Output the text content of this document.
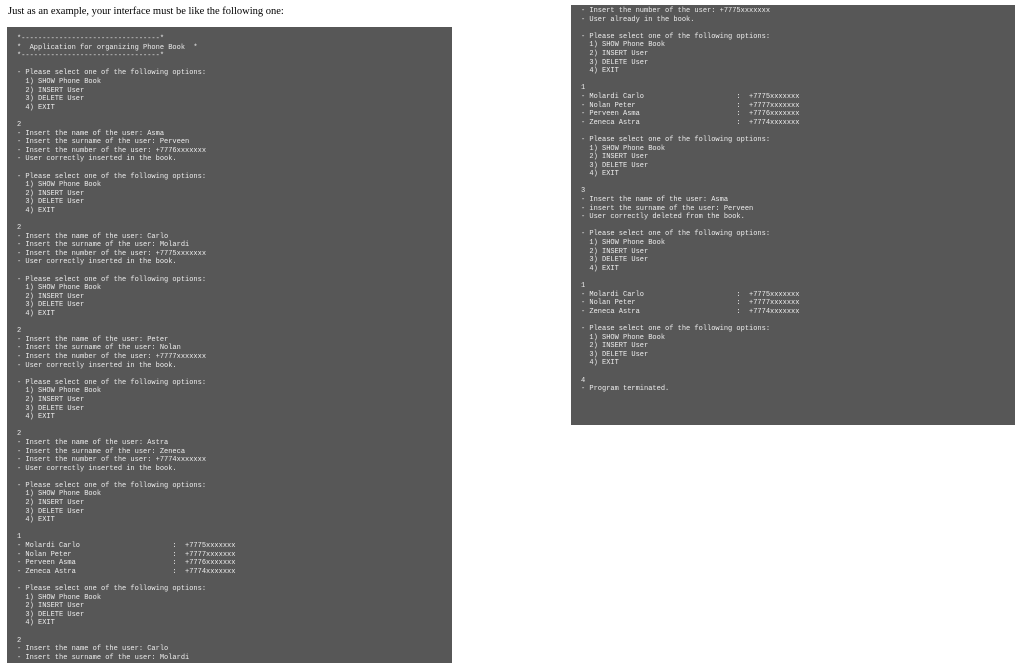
Just as an example, your interface must be like the following one:
*---------------------------------*
*  Application for organizing Phone Book  *
*---------------------------------*
- Please select one of the following options:
1) SHOW Phone Book
2) INSERT User
3) DELETE User
4) EXIT
2
- Insert the name of the user: Asma
- Insert the surname of the user: Perveen
- Insert the number of the user: +7776xxxxxxx
- User correctly inserted in the book.
- Please select one of the following options:
1) SHOW Phone Book
2) INSERT User
3) DELETE User
4) EXIT
2
- Insert the name of the user: Carlo
- Insert the surname of the user: Molardi
- Insert the number of the user: +7775xxxxxxx
- User correctly inserted in the book.
- Please select one of the following options:
1) SHOW Phone Book
2) INSERT User
3) DELETE User
4) EXIT
2
- Insert the name of the user: Peter
- Insert the surname of the user: Nolan
- Insert the number of the user: +7777xxxxxxx
- User correctly inserted in the book.
- Please select one of the following options:
1) SHOW Phone Book
2) INSERT User
3) DELETE User
4) EXIT
2
- Insert the name of the user: Astra
- Insert the surname of the user: Zeneca
- Insert the number of the user: +7774xxxxxxx
- User correctly inserted in the book.
- Please select one of the following options:
1) SHOW Phone Book
2) INSERT User
3) DELETE User
4) EXIT
1
- Molardi Carlo                      :  +7775xxxxxxx
- Nolan Peter                        :  +7777xxxxxxx
- Perveen Asma                       :  +7776xxxxxxx
- Zeneca Astra                       :  +7774xxxxxxx
- Please select one of the following options:
1) SHOW Phone Book
2) INSERT User
3) DELETE User
4) EXIT
2
- Insert the name of the user: Carlo
- Insert the surname of the user: Molardi
- Insert the number of the user: +7775xxxxxxx
- User already in the book.
- Please select one of the following options:
1) SHOW Phone Book
2) INSERT User
3) DELETE User
4) EXIT
1
- Molardi Carlo                      :  +7775xxxxxxx
- Nolan Peter                        :  +7777xxxxxxx
- Perveen Asma                       :  +7776xxxxxxx
- Zeneca Astra                       :  +7774xxxxxxx
- Please select one of the following options:
1) SHOW Phone Book
2) INSERT User
3) DELETE User
4) EXIT
3
- Insert the name of the user: Asma
- insert the surname of the user: Perveen
- User correctly deleted from the book.
- Please select one of the following options:
1) SHOW Phone Book
2) INSERT User
3) DELETE User
4) EXIT
1
- Molardi Carlo                      :  +7775xxxxxxx
- Nolan Peter                        :  +7777xxxxxxx
- Zeneca Astra                       :  +7774xxxxxxx
- Please select one of the following options:
1) SHOW Phone Book
2) INSERT User
3) DELETE User
4) EXIT
4
- Program terminated.
